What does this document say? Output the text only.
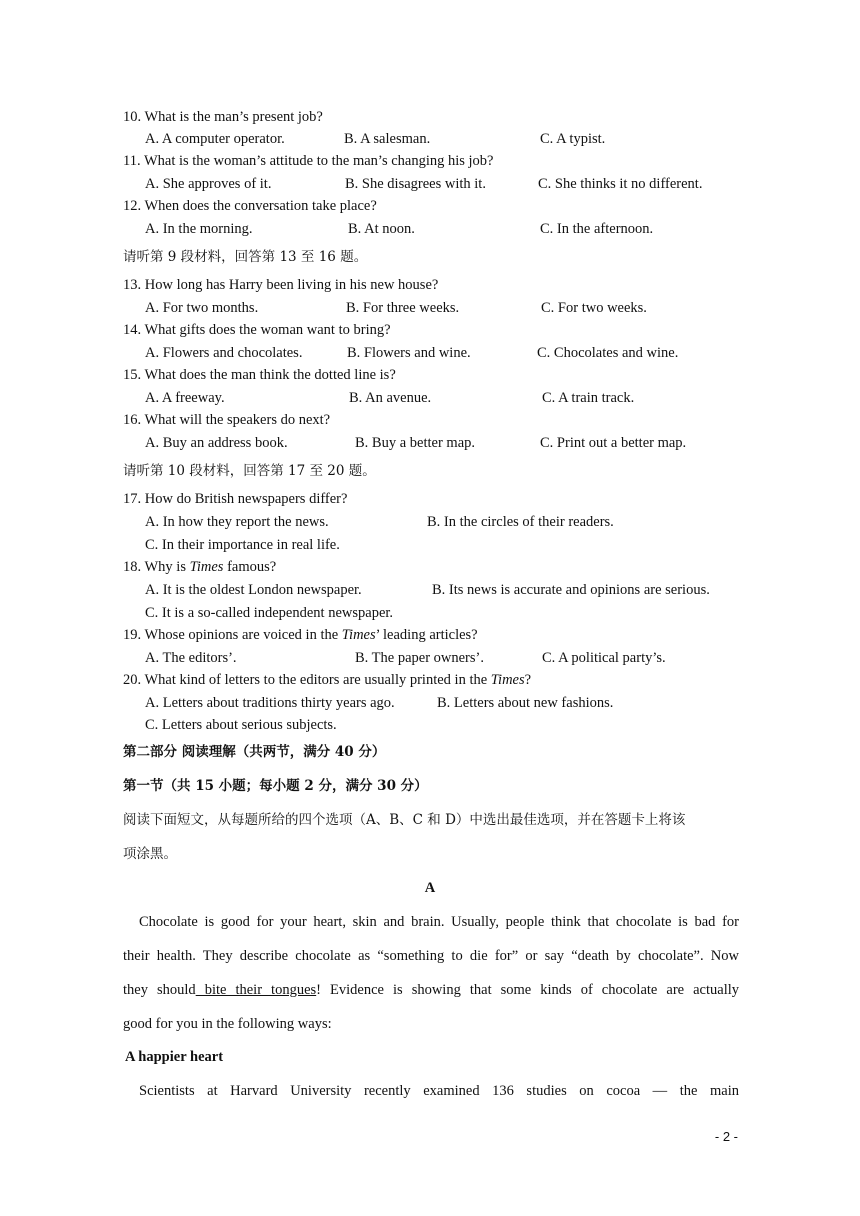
10. What is the man’s present job?
A. A computer operator.	B. A salesman.	C. A typist.
11. What is the woman’s attitude to the man’s changing his job?
A. She approves of it.	B. She disagrees with it.	C. She thinks it no different.
12. When does the conversation take place?
A. In the morning.	B. At noon.	C. In the afternoon.
请听第 9 段材料，回答第 13 至 16 题。
13. How long has Harry been living in his new house?
A. For two months.	B. For three weeks.	C. For two weeks.
14. What gifts does the woman want to bring?
A. Flowers and chocolates.	B. Flowers and wine.	C. Chocolates and wine.
15. What does the man think the dotted line is?
A. A freeway.	B. An avenue.	C. A train track.
16. What will the speakers do next?
A. Buy an address book.	B. Buy a better map.	C. Print out a better map.
请听第 10 段材料，回答第 17 至 20 题。
17. How do British newspapers differ?
A. In how they report the news.	B. In the circles of their readers.
C. In their importance in real life.
18. Why is Times famous?
A. It is the oldest London newspaper.	B. Its news is accurate and opinions are serious.
C. It is a so-called independent newspaper.
19. Whose opinions are voiced in the Times’ leading articles?
A. The editors’.	B. The paper owners’.	C. A political party’s.
20. What kind of letters to the editors are usually printed in the Times?
A. Letters about traditions thirty years ago.	B. Letters about new fashions.
C. Letters about serious subjects.
第二部分 阅读理解（共两节，满分 40 分）
第一节（共 15 小题；每小题 2 分，满分 30 分）
阅读下面短文，从每题所给的四个选项（A、B、C 和 D）中选出最佳选项，并在答题卡上将该
项涂黑。
A
Chocolate is good for your heart, skin and brain. Usually, people think that chocolate is bad for
their health. They describe chocolate as “something to die for” or say “death by chocolate”. Now
they should bite their tongues! Evidence is showing that some kinds of chocolate are actually
good for you in the following ways:
A happier heart
Scientists at Harvard University recently examined 136 studies on cocoa — the main
- 2 -
